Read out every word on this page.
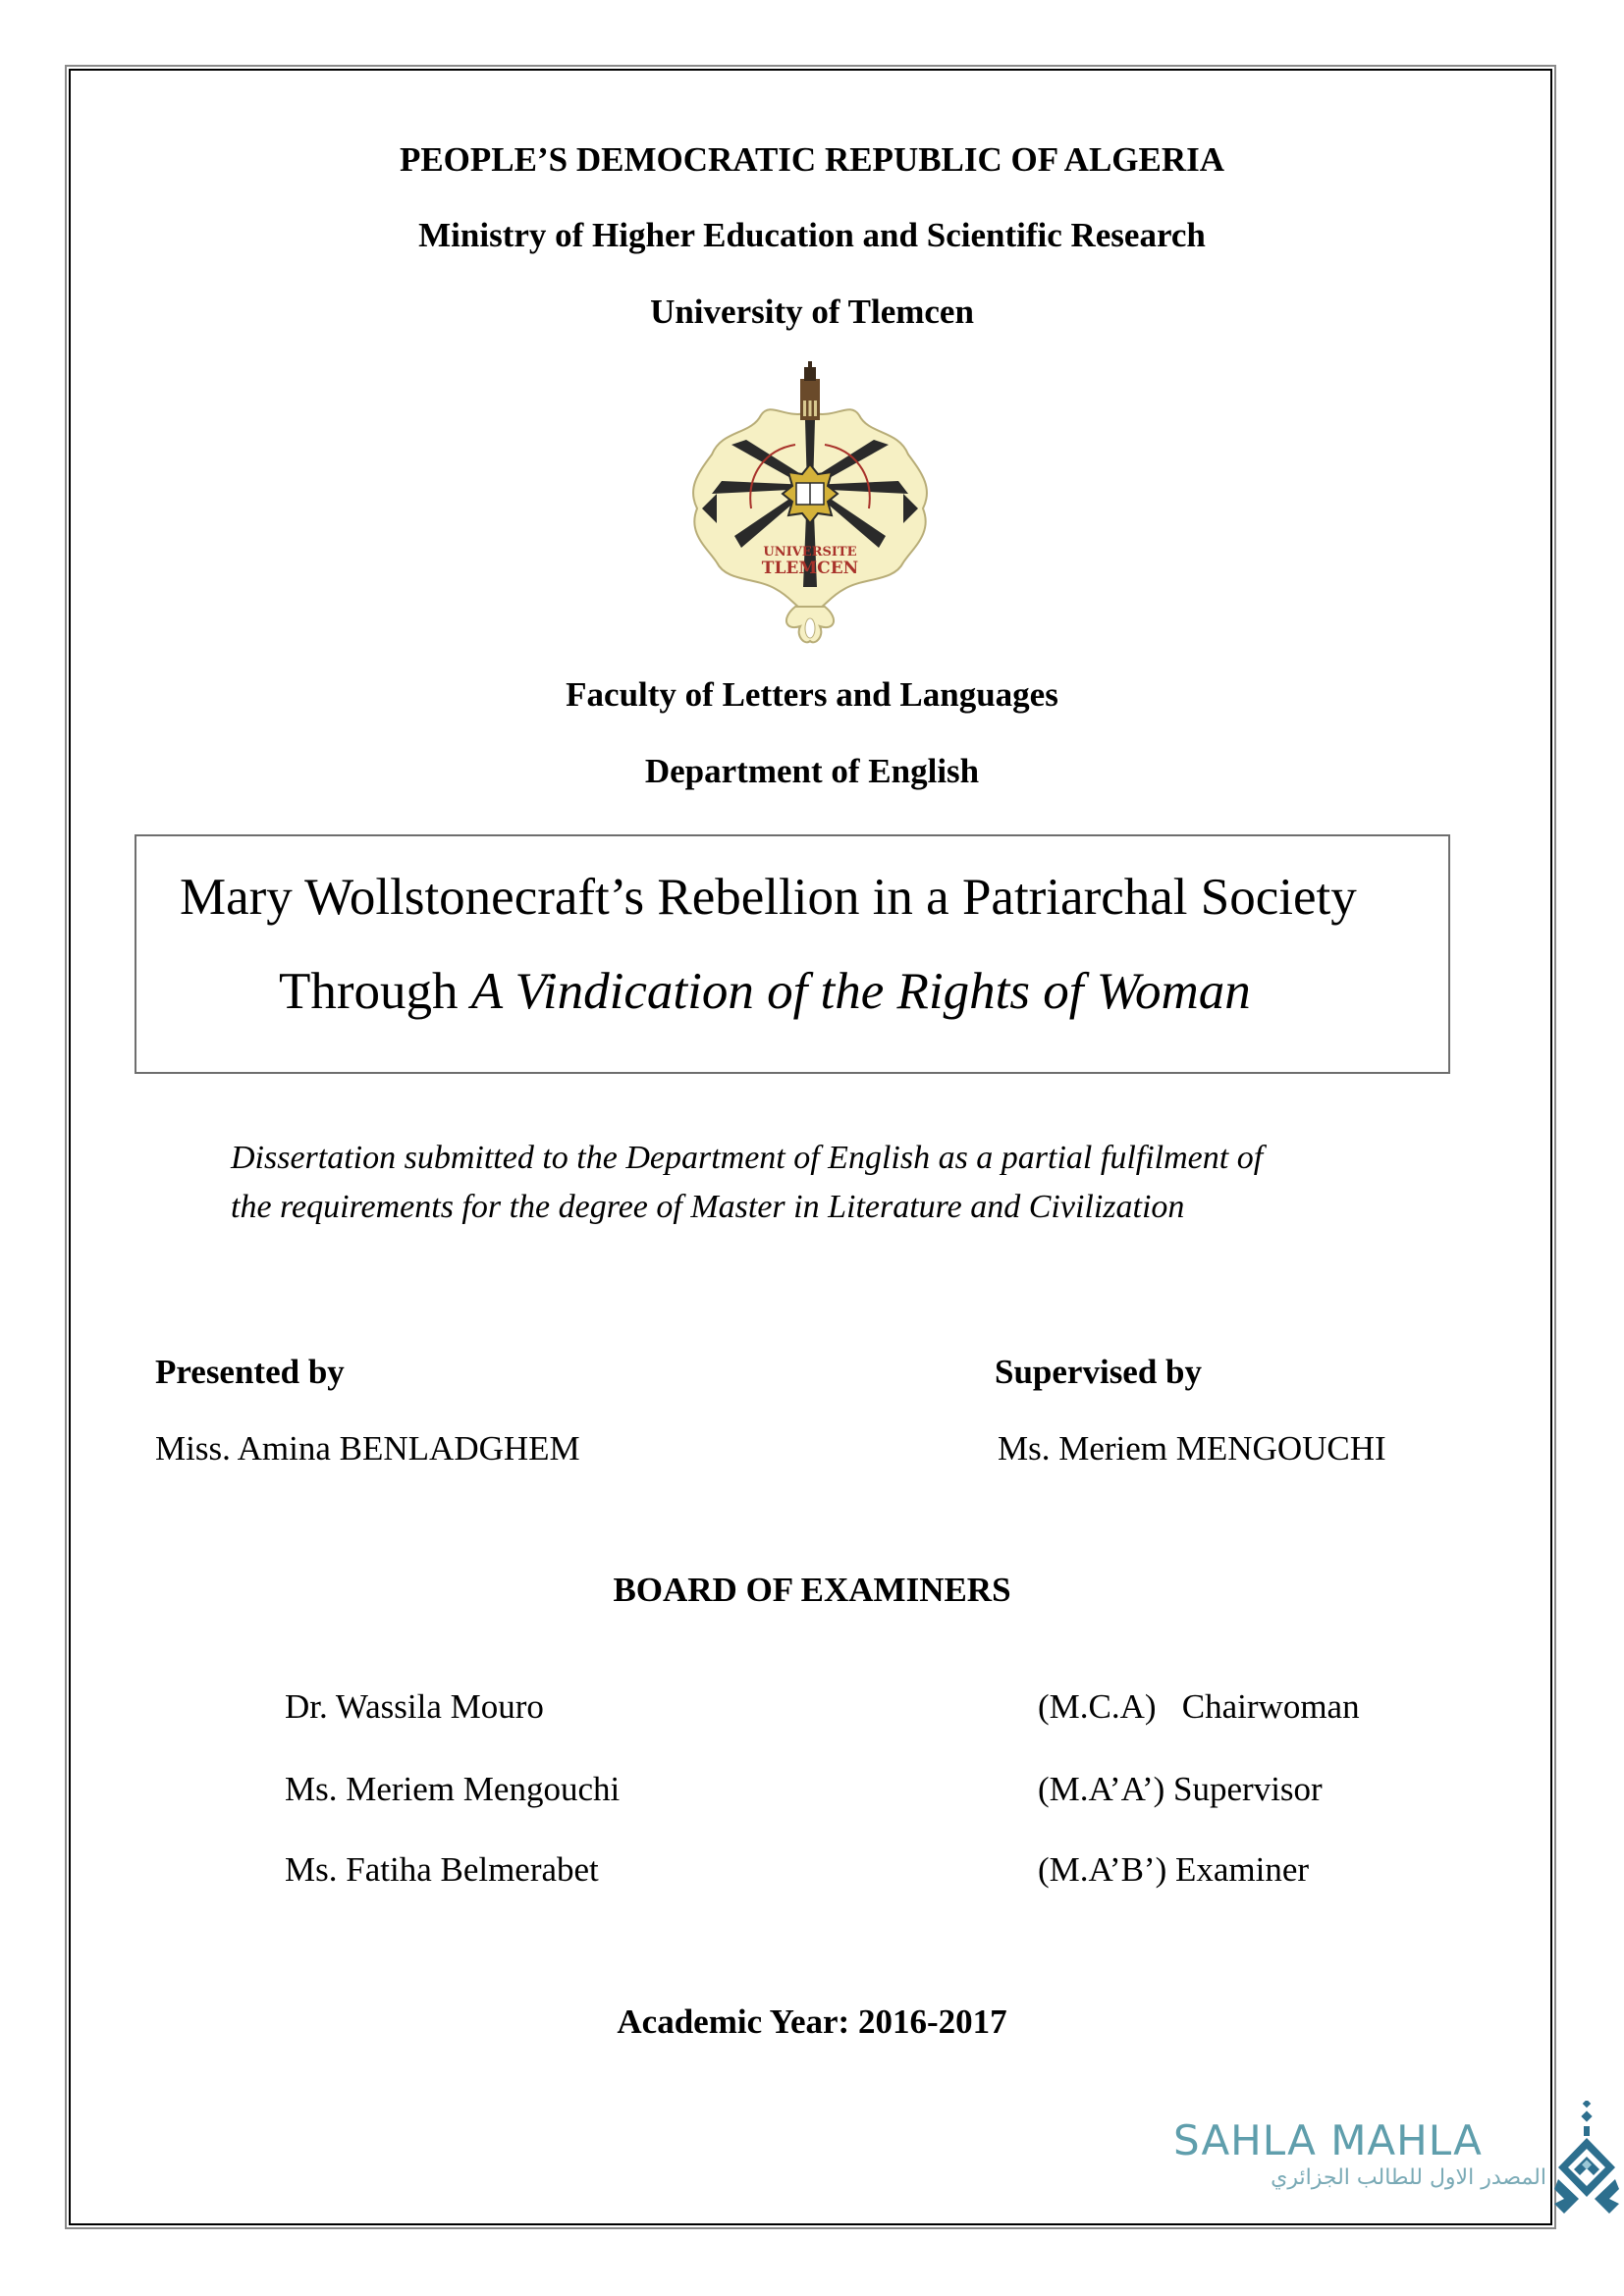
PEOPLE’S DEMOCRATIC REPUBLIC OF ALGERIA
Ministry of Higher Education and Scientific Research
University of Tlemcen
UNIVERSITE
TLEMCEN
Faculty of Letters and Languages
Department of English
Mary Wollstonecraft’s Rebellion in a Patriarchal Society
Through A Vindication of the Rights of Woman
Dissertation submitted to the Department of English as a partial fulfilment of
the requirements for the degree of Master in Literature and Civilization
Presented by
Miss. Amina BENLADGHEM
Supervised by
Ms. Meriem MENGOUCHI
BOARD OF EXAMINERS
Dr. Wassila Mouro	(M.C.A)   Chairwoman
Ms. Meriem Mengouchi	(M.A’A’) Supervisor
Ms. Fatiha Belmerabet	(M.A’B’) Examiner
Academic Year: 2016-2017
SAHLA MAHLA
المصدر الاول للطالب الجزائري
